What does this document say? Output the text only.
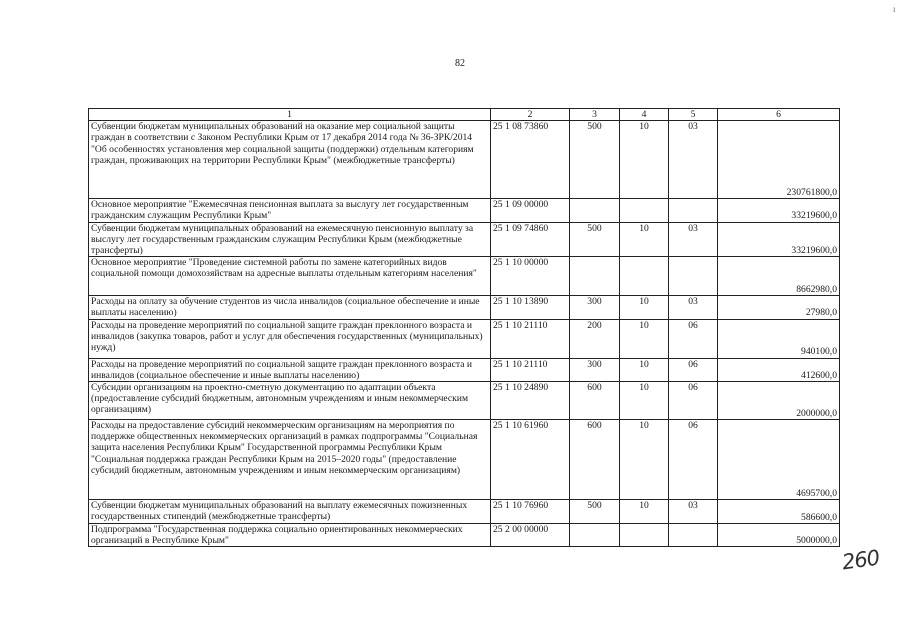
ı
82
1	2	3	4	5	6
Субвенции бюджетам муниципальных образований на оказание мер социальной защиты граждан в соответствии с Законом Республики Крым от 17 декабря 2014 года № 36-ЗРК/2014 "Об особенностях установления мер социальной защиты (поддержки) отдельным категориям граждан, проживающих на территории Республики Крым" (межбюджетные трансферты)	25 1 08 73860	500	10	03	230761800,0
Основное мероприятие "Ежемесячная пенсионная выплата за выслугу лет государственным гражданским служащим Республики Крым"	25 1 09 00000				33219600,0
Субвенции бюджетам муниципальных образований на ежемесячную пенсионную выплату за выслугу лет государственным гражданским служащим Республики Крым (межбюджетные трансферты)	25 1 09 74860	500	10	03	33219600,0
Основное мероприятие "Проведение системной работы по замене категорийных видов социальной помощи домохозяйствам на адресные выплаты отдельным категориям населения"	25 1 10 00000				8662980,0
Расходы на оплату за обучение студентов из числа инвалидов (социальное обеспечение и иные выплаты населению)	25 1 10 13890	300	10	03	27980,0
Расходы на проведение мероприятий по социальной защите граждан преклонного возраста и инвалидов (закупка товаров, работ и услуг для обеспечения государственных (муниципальных) нужд)	25 1 10 21110	200	10	06	940100,0
Расходы на проведение мероприятий по социальной защите граждан преклонного возраста и инвалидов (социальное обеспечение и иные выплаты населению)	25 1 10 21110	300	10	06	412600,0
Субсидии организациям на проектно-сметную документацию по адаптации объекта (предоставление субсидий бюджетным, автономным учреждениям и иным некоммерческим организациям)	25 1 10 24890	600	10	06	2000000,0
Расходы на предоставление субсидий некоммерческим организациям на мероприятия по поддержке общественных некоммерческих организаций в рамках подпрограммы "Социальная защита населения Республики Крым" Государственной программы Республики Крым "Социальная поддержка граждан Республики Крым на 2015–2020 годы" (предоставление субсидий бюджетным, автономным учреждениям и иным некоммерческим организациям)	25 1 10 61960	600	10	06	4695700,0
Субвенции бюджетам муниципальных образований на выплату ежемесячных пожизненных государственных стипендий (межбюджетные трансферты)	25 1 10 76960	500	10	03	586600,0
Подпрограмма "Государственная поддержка социально ориентированных некоммерческих организаций в Республике Крым"	25 2 00 00000				5000000,0
260
